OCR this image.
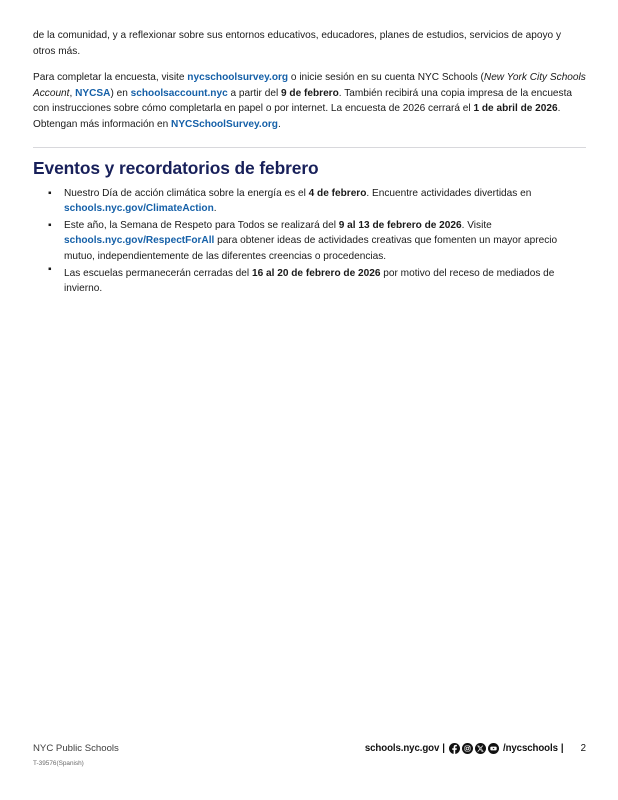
de la comunidad, y a reflexionar sobre sus entornos educativos, educadores, planes de estudios, servicios de apoyo y otros más.

Para completar la encuesta, visite nycschoolsurvey.org o inicie sesión en su cuenta NYC Schools (New York City Schools Account, NYCSA) en schoolsaccount.nyc a partir del 9 de febrero. También recibirá una copia impresa de la encuesta con instrucciones sobre cómo completarla en papel o por internet. La encuesta de 2026 cerrará el 1 de abril de 2026. Obtengan más información en NYCSchoolSurvey.org.

Eventos y recordatorios de febrero
▪ Nuestro Día de acción climática sobre la energía es el 4 de febrero. Encuentre actividades divertidas en schools.nyc.gov/ClimateAction.
▪ Este año, la Semana de Respeto para Todos se realizará del 9 al 13 de febrero de 2026. Visite schools.nyc.gov/RespectForAll para obtener ideas de actividades creativas que fomenten un mayor aprecio mutuo, independientemente de las diferentes creencias o procedencias.
▪ Las escuelas permanecerán cerradas del 16 al 20 de febrero de 2026 por motivo del receso de mediados de invierno.
NYC Public Schools
T-39576(Spanish)
schools.nyc.gov |	/nycschools | 2
